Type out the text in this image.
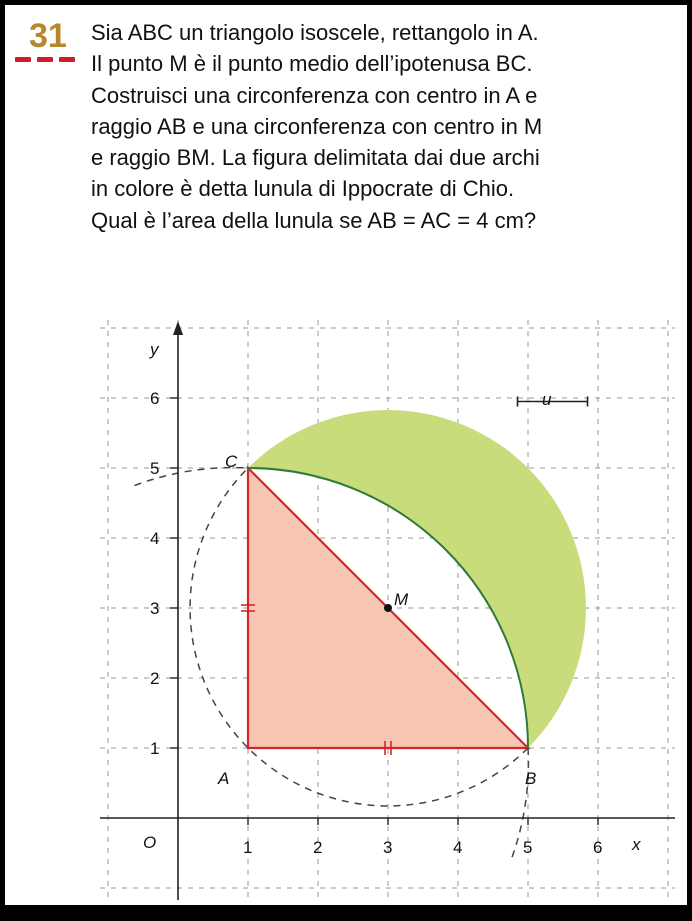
31 Sia ABC un triangolo isoscele, rettangolo in A.
Il punto M è il punto medio dell’ipotenusa BC.
Costruisci una circonferenza con centro in A e
raggio AB e una circonferenza con centro in M
e raggio BM. La figura delimitata dai due archi
in colore è detta lunula di Ippocrate di Chio.
Qual è l’area della lunula se AB = AC = 4 cm?
1
2
3
4
5
6
1	2	3	4	5	6
y
x
O
u
A	B
C
M
